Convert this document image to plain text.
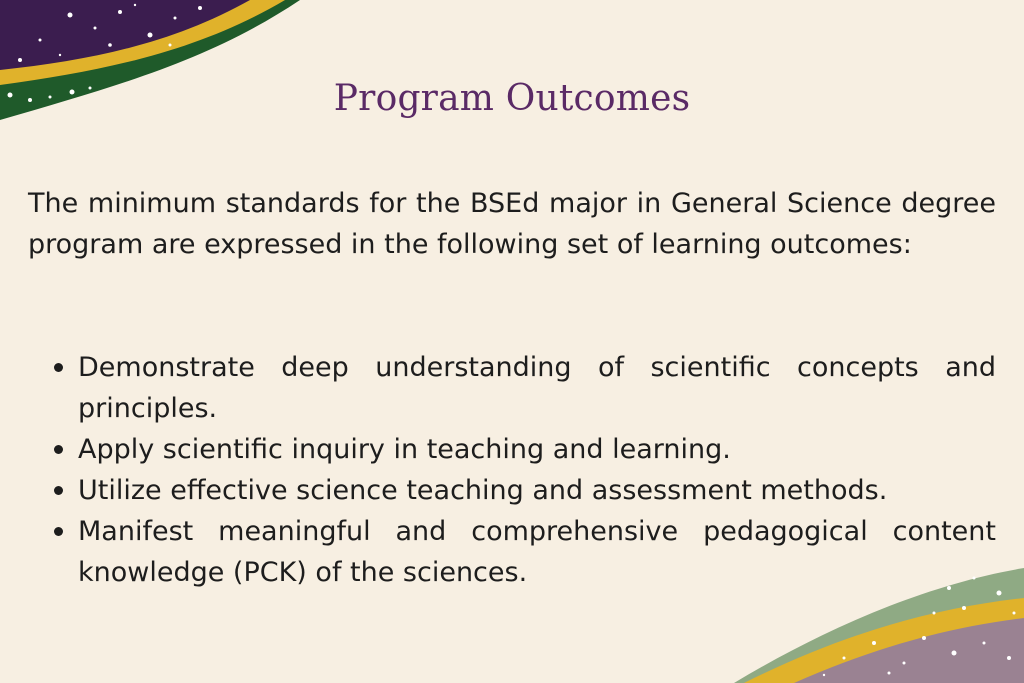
Program Outcomes

The minimum standards for the BSEd major in General Science degree program are expressed in the following set of learning outcomes:

Demonstrate deep understanding of scientific concepts and principles.
Apply scientific inquiry in teaching and learning.
Utilize effective science teaching and assessment methods.
Manifest meaningful and comprehensive pedagogical content knowledge (PCK) of the sciences.
